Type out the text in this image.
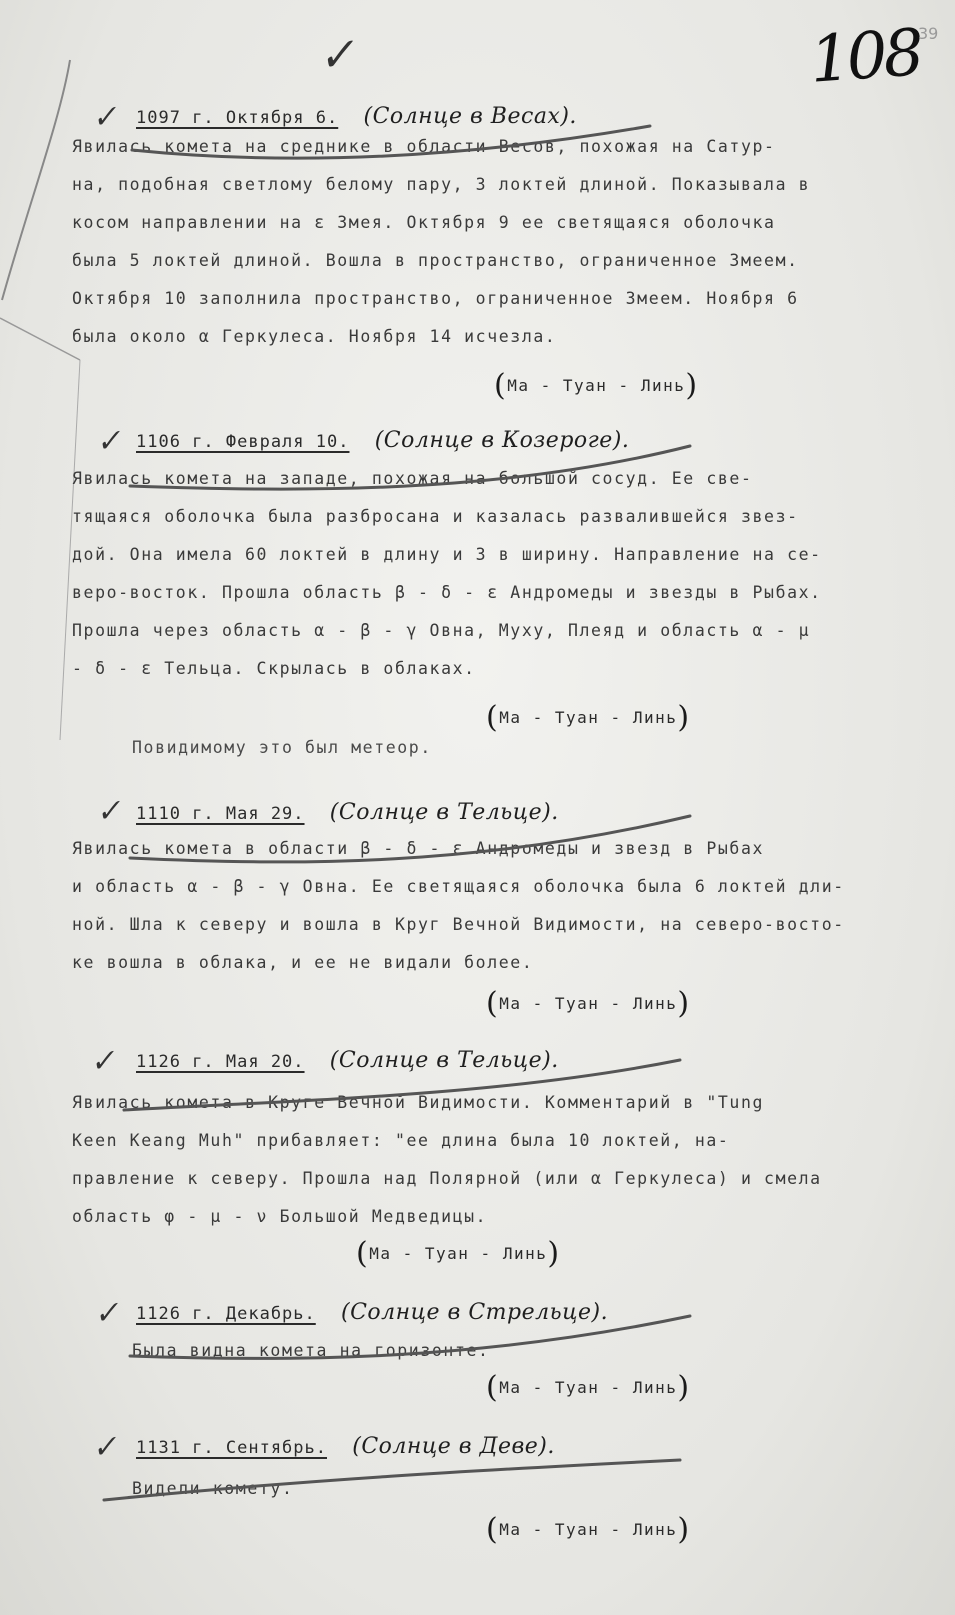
108
39
✓
✓ 1097 г. Октября 6. (Солнце в Весах).
Явилась комета на среднике в области Весов, похожая на Сатур-
на, подобная светлому белому пару, 3 локтей длиной. Показывала в
косом направлении на ε Змея. Октября 9 ее светящаяся оболочка
была 5 локтей длиной. Вошла в пространство, ограниченное Змеем.
Октября 10 заполнила пространство, ограниченное Змеем. Ноября 6
была около α Геркулеса. Ноября 14 исчезла.
(Ма - Туан - Линь)
✓ 1106 г. Февраля 10. (Солнце в Козероге).
Явилась комета на западе, похожая на большой сосуд. Ее све-
тящаяся оболочка была разбросана и казалась развалившейся звез-
дой. Она имела 60 локтей в длину и 3 в ширину. Направление на се-
веро-восток. Прошла область β - δ - ε Андромеды и звезды в Рыбах.
Прошла через область α - β - γ Овна, Муху, Плеяд и область α - μ
- δ - ε Тельца. Скрылась в облаках.
(Ма - Туан - Линь)
Повидимому это был метеор.
✓ 1110 г. Мая 29. (Солнце в Тельце).
Явилась комета в области β - δ - ε Андромеды и звезд в Рыбах
и область α - β - γ Овна. Ее светящаяся оболочка была 6 локтей дли-
ной. Шла к северу и вошла в Круг Вечной Видимости, на северо-восто-
ке вошла в облака, и ее не видали более.
(Ма - Туан - Линь)
✓ 1126 г. Мая 20. (Солнце в Тельце).
Явилась комета в Круге Вечной Видимости. Комментарий в "Tung
Keen Keang Muh" прибавляет: "ее длина была 10 локтей, на-
правление к северу. Прошла над Полярной (или α Геркулеса) и смела
область φ - μ - ν Большой Медведицы.
(Ма - Туан - Линь)
✓ 1126 г. Декабрь. (Солнце в Стрельце).
Была видна комета на горизонте.
(Ма - Туан - Линь)
✓ 1131 г. Сентябрь. (Солнце в Деве).
Видели комету.
(Ма - Туан - Линь)
